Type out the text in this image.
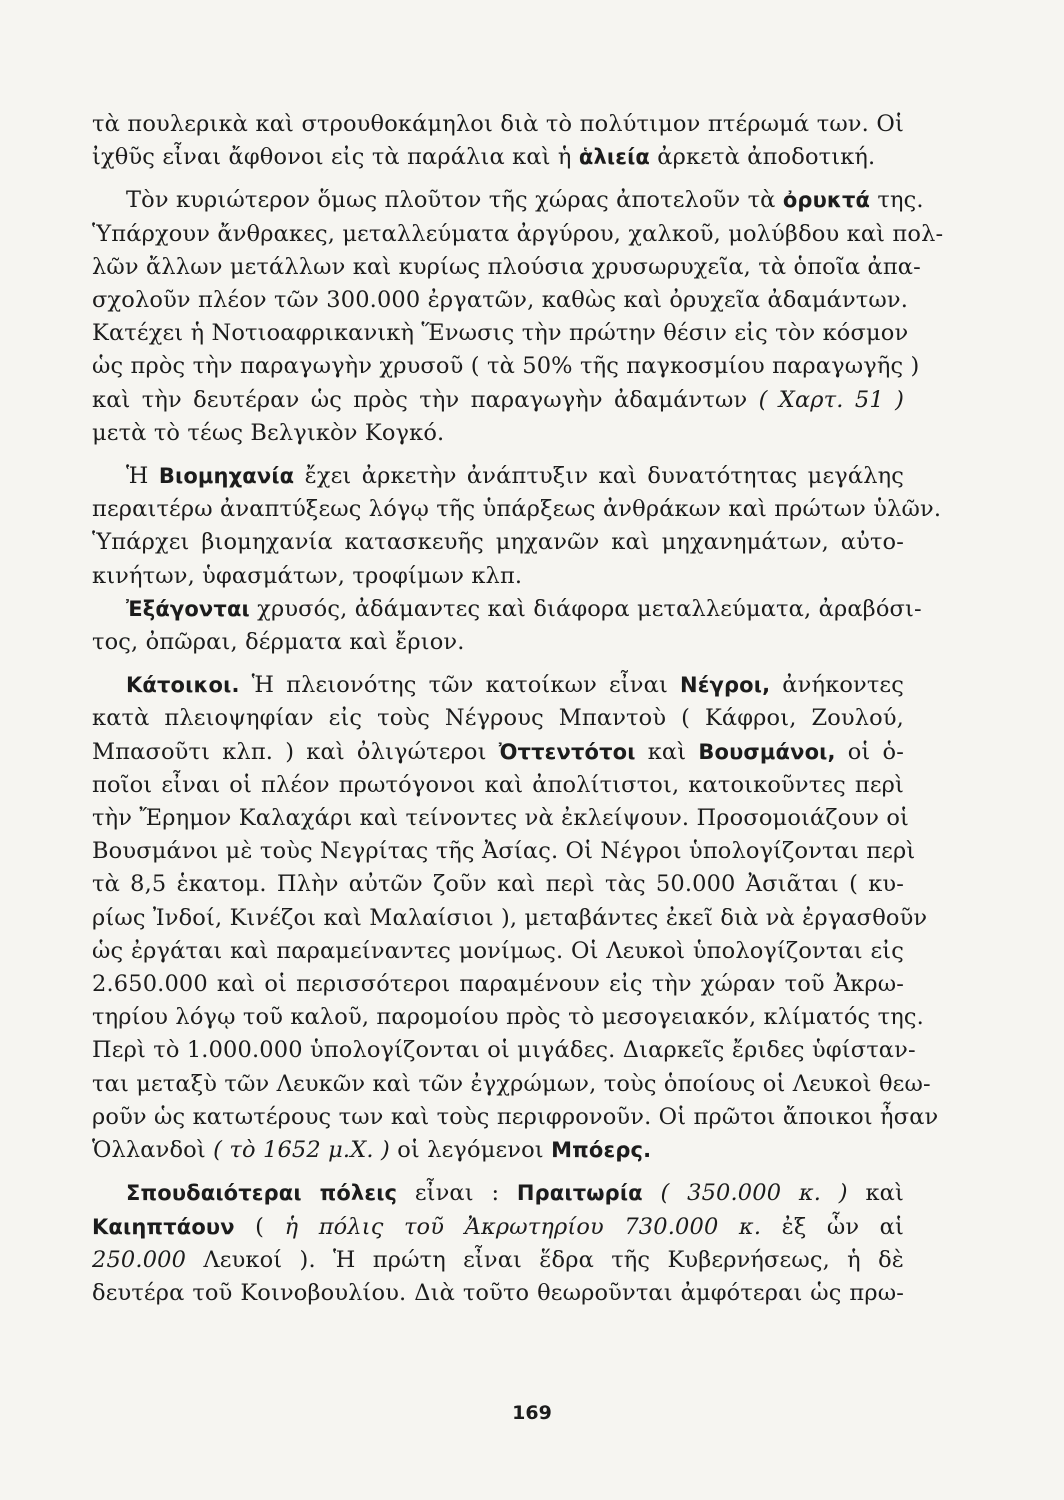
τὰ πουλερικὰ καὶ στρουθοκάμηλοι διὰ τὸ πολύτιμον πτέρωμά των. Οἱ
ἰχθῦς εἶναι ἄφθονοι εἰς τὰ παράλια καὶ ἡ ἁλιεία ἀρκετὰ ἀποδοτική.
Τὸν κυριώτερον ὅμως πλοῦτον τῆς χώρας ἀποτελοῦν τὰ ὀρυκτά της.
Ὑπάρχουν ἄνθρακες, μεταλλεύματα ἀργύρου, χαλκοῦ, μολύβδου καὶ πολ-
λῶν ἄλλων μετάλλων καὶ κυρίως πλούσια χρυσωρυχεῖα, τὰ ὁποῖα ἀπα-
σχολοῦν πλέον τῶν 300.000 ἐργατῶν, καθὼς καὶ ὀρυχεῖα ἀδαμάντων.
Κατέχει ἡ Νοτιοαφρικανικὴ Ἕνωσις τὴν πρώτην θέσιν εἰς τὸν κόσμον
ὡς πρὸς τὴν παραγωγὴν χρυσοῦ ( τὰ 50% τῆς παγκοσμίου παραγωγῆς )
καὶ τὴν δευτέραν ὡς πρὸς τὴν παραγωγὴν ἀδαμάντων ( Χαρτ. 51 )
μετὰ τὸ τέως Βελγικὸν Κογκό.
Ἡ Βιομηχανία ἔχει ἀρκετὴν ἀνάπτυξιν καὶ δυνατότητας μεγάλης
περαιτέρω ἀναπτύξεως λόγῳ τῆς ὑπάρξεως ἀνθράκων καὶ πρώτων ὑλῶν.
Ὑπάρχει βιομηχανία κατασκευῆς μηχανῶν καὶ μηχανημάτων, αὐτο-
κινήτων, ὑφασμάτων, τροφίμων κλπ.
Ἐξάγονται χρυσός, ἀδάμαντες καὶ διάφορα μεταλλεύματα, ἀραβόσι-
τος, ὀπῶραι, δέρματα καὶ ἔριον.
Κάτοικοι. Ἡ πλειονότης τῶν κατοίκων εἶναι Νέγροι, ἀνήκοντες
κατὰ πλειοψηφίαν εἰς τοὺς Νέγρους Μπαντοὺ ( Κάφροι, Ζουλού,
Μπασοῦτι κλπ. ) καὶ ὀλιγώτεροι Ὀττεντότοι καὶ Βουσμάνοι, οἱ ὁ-
ποῖοι εἶναι οἱ πλέον πρωτόγονοι καὶ ἀπολίτιστοι, κατοικοῦντες περὶ
τὴν Ἔρημον Καλαχάρι καὶ τείνοντες νὰ ἐκλείψουν. Προσομοιάζουν οἱ
Βουσμάνοι μὲ τοὺς Νεγρίτας τῆς Ἀσίας. Οἱ Νέγροι ὑπολογίζονται περὶ
τὰ 8,5 ἑκατομ. Πλὴν αὐτῶν ζοῦν καὶ περὶ τὰς 50.000 Ἀσιᾶται ( κυ-
ρίως Ἰνδοί, Κινέζοι καὶ Μαλαίσιοι ), μεταβάντες ἐκεῖ διὰ νὰ ἐργασθοῦν
ὡς ἐργάται καὶ παραμείναντες μονίμως. Οἱ Λευκοὶ ὑπολογίζονται εἰς
2.650.000 καὶ οἱ περισσότεροι παραμένουν εἰς τὴν χώραν τοῦ Ἀκρω-
τηρίου λόγῳ τοῦ καλοῦ, παρομοίου πρὸς τὸ μεσογειακόν, κλίματός της.
Περὶ τὸ 1.000.000 ὑπολογίζονται οἱ μιγάδες. Διαρκεῖς ἔριδες ὑφίσταν-
ται μεταξὺ τῶν Λευκῶν καὶ τῶν ἐγχρώμων, τοὺς ὁποίους οἱ Λευκοὶ θεω-
ροῦν ὡς κατωτέρους των καὶ τοὺς περιφρονοῦν. Οἱ πρῶτοι ἄποικοι ἦσαν
Ὁλλανδοὶ ( τὸ 1652 μ.Χ. ) οἱ λεγόμενοι Μπόερς.
Σπουδαιότεραι πόλεις εἶναι : Πραιτωρία ( 350.000 κ. ) καὶ
Καιηπτάουν ( ἡ πόλις τοῦ Ἀκρωτηρίου 730.000 κ. ἐξ ὧν αἱ
250.000 Λευκοί ). Ἡ πρώτη εἶναι ἕδρα τῆς Κυβερνήσεως, ἡ δὲ
δευτέρα τοῦ Κοινοβουλίου. Διὰ τοῦτο θεωροῦνται ἀμφότεραι ὡς πρω-
169
